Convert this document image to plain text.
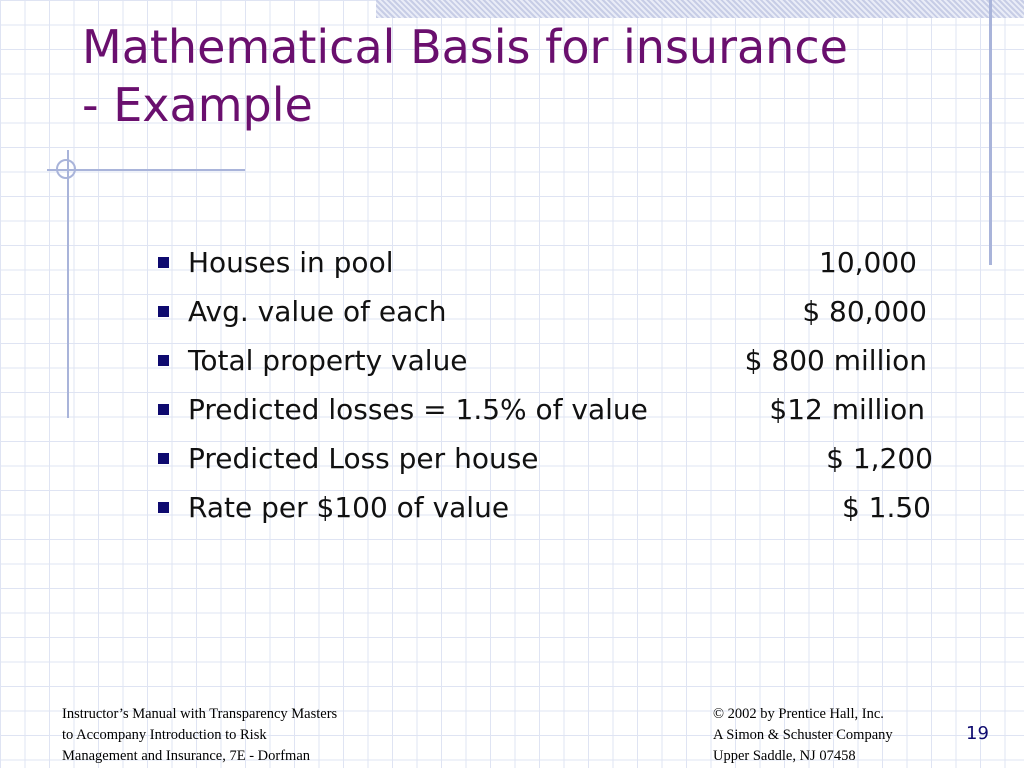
Mathematical Basis for insurance
- Example
Houses in pool	10,000
Avg. value of each	$ 80,000
Total property value	$ 800 million
Predicted losses = 1.5% of value	$12 million
Predicted Loss per house	$ 1,200
Rate per $100 of value	$ 1.50
Instructor’s Manual with Transparency Masters
to Accompany Introduction to Risk
Management and Insurance, 7E - Dorfman
© 2002 by Prentice Hall, Inc.
A Simon & Schuster Company
Upper Saddle, NJ 07458
19
